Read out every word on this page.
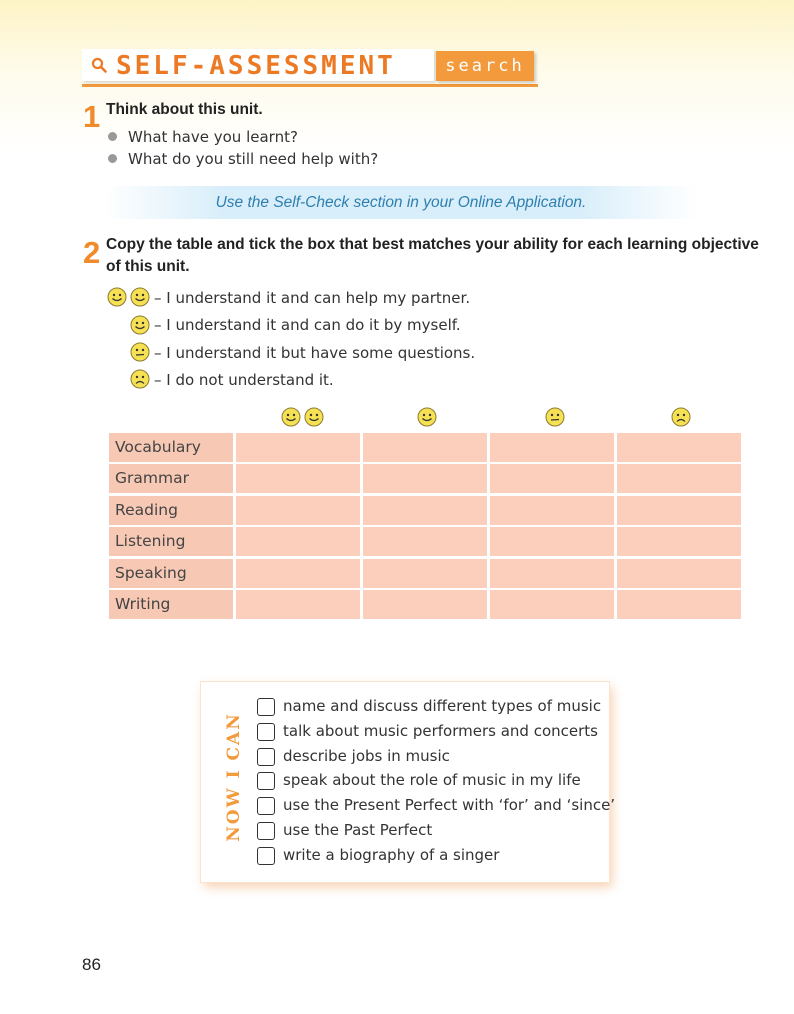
SELF-ASSESSMENT	search
1 Think about this unit.
What have you learnt?
What do you still need help with?
Use the Self-Check section in your Online Application.
2 Copy the table and tick the box that best matches your ability for each learning objective
of this unit.
– I understand it and can help my partner.
– I understand it and can do it by myself.
– I understand it but have some questions.
– I do not understand it.
Vocabulary
Grammar
Reading
Listening
Speaking
Writing
NOW I CAN
name and discuss different types of music
talk about music performers and concerts
describe jobs in music
speak about the role of music in my life
use the Present Perfect with ‘for’ and ‘since’
use the Past Perfect
write a biography of a singer
86
